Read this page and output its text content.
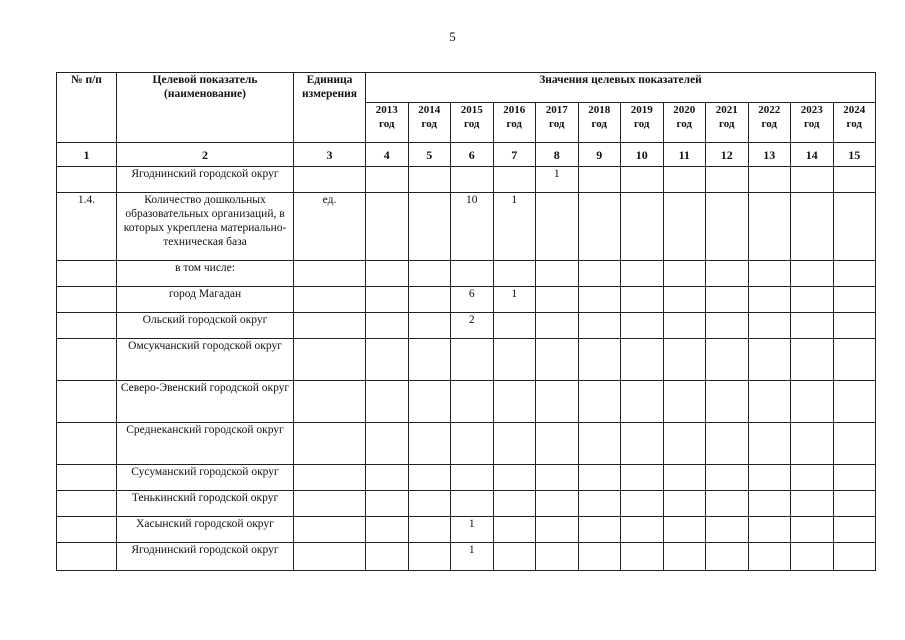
5
№ п/п	Целевой показатель (наименование)	Единица измерения	Значения целевых показателей											
			2013 год	2014 год	2015 год	2016 год	2017 год	2018 год	2019 год	2020 год	2021 год	2022 год	2023 год	2024 год
1	2	3	4	5	6	7	8	9	10	11	12	13	14	15
	Ягоднинский городской округ						1							
1.4.	Количество дошкольных образовательных организаций, в которых укреплена материально-техническая база	ед.			10	1								
	в том числе:													
	город Магадан				6	1								
	Ольский городской округ				2									
	Омсукчанский городской округ													
	Северо-Эвенский городской округ													
	Среднеканский городской округ													
	Сусуманский городской округ													
	Тенькинский городской округ													
	Хасынский городской округ				1									
	Ягоднинский городской округ				1									
